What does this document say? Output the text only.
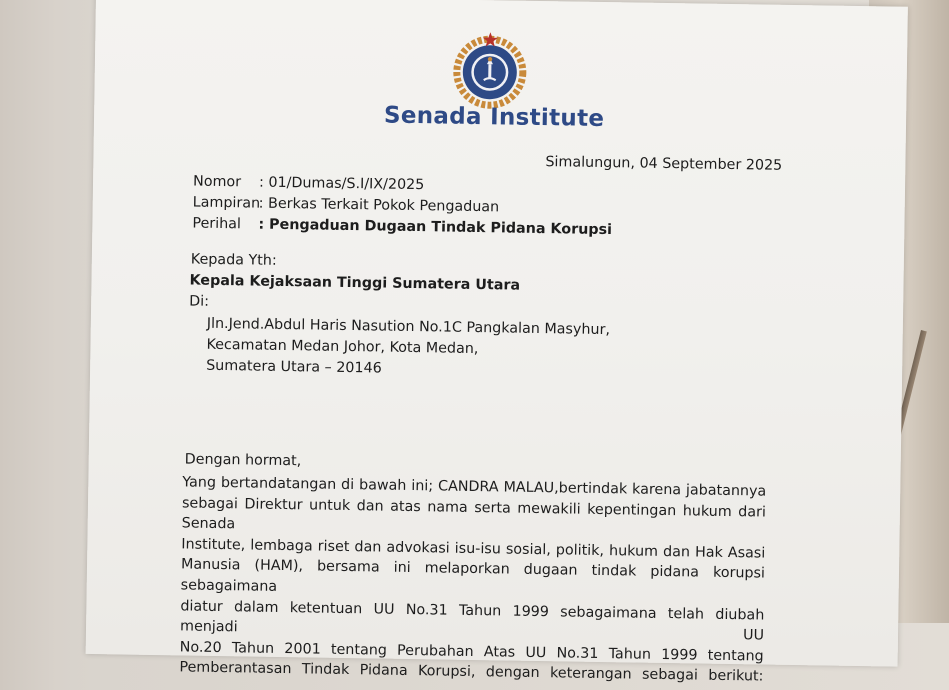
Senada Institute
Simalungun, 04 September 2025
Nomor	: 01/Dumas/S.I/IX/2025
Lampiran
: Berkas Terkait Pokok Pengaduan
Perihal	: Pengaduan Dugaan Tindak Pidana Korupsi
Kepada Yth:
Kepala Kejaksaan Tinggi Sumatera Utara
Di:
Jln.Jend.Abdul Haris Nasution No.1C Pangkalan Masyhur,
Kecamatan Medan Johor, Kota Medan,
Sumatera Utara – 20146
Dengan hormat,
Yang bertandatangan di bawah ini; CANDRA MALAU,bertindak karena jabatannya
sebagai Direktur untuk dan atas nama serta mewakili kepentingan hukum dari Senada
Institute, lembaga riset dan advokasi isu-isu sosial, politik, hukum dan Hak Asasi
Manusia (HAM), bersama ini melaporkan dugaan tindak pidana korupsi sebagaimana
diatur dalam ketentuan UU No.31 Tahun 1999 sebagaimana telah diubah menjadi UU
No.20 Tahun 2001 tentang Perubahan Atas UU No.31 Tahun 1999 tentang
Pemberantasan Tindak Pidana Korupsi, dengan keterangan sebagai berikut:
